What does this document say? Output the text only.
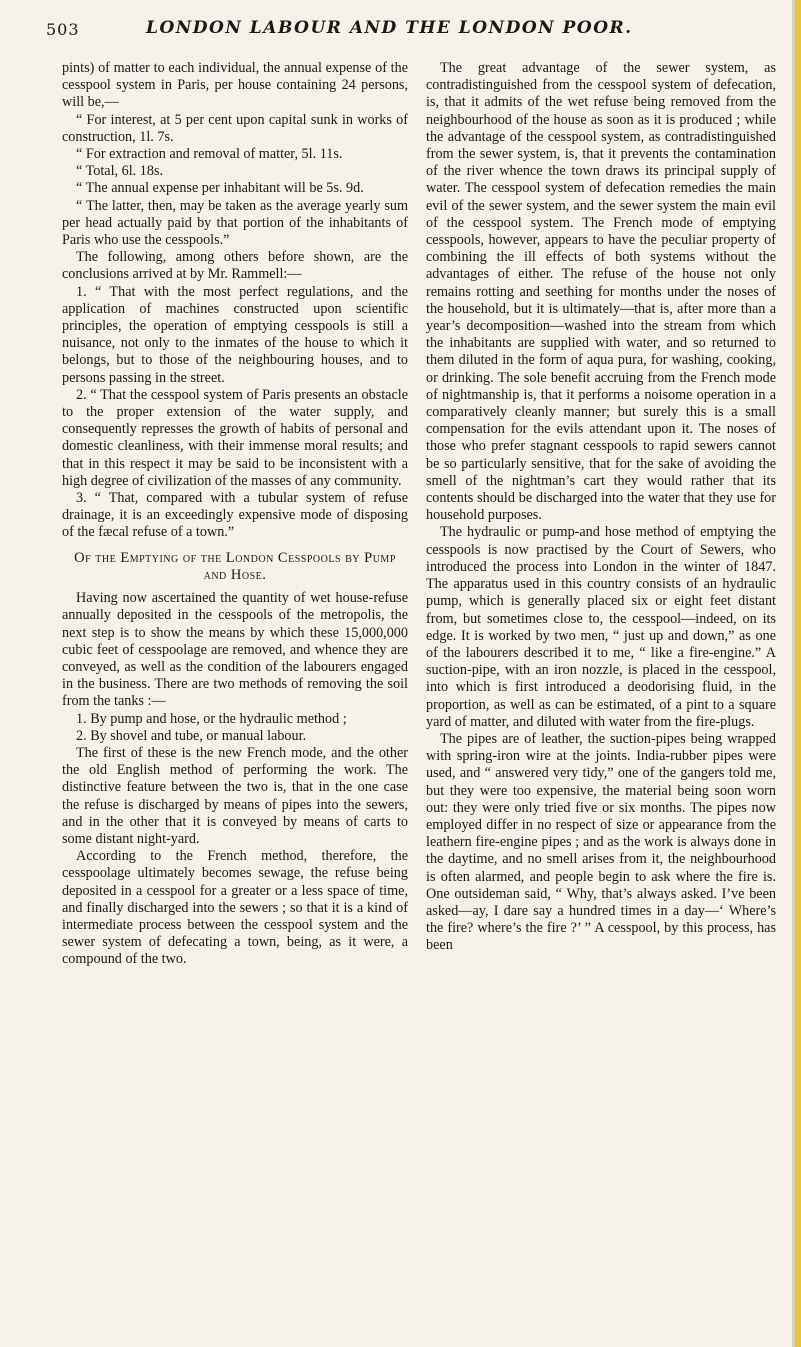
503	LONDON LABOUR AND THE LONDON POOR.

pints) of matter to each individual, the annual expense of the cesspool system in Paris, per house containing 24 persons, will be,—

“ For interest, at 5 per cent upon capital sunk in works of construction, 1l. 7s.

“ For extraction and removal of matter, 5l. 11s.

“ Total, 6l. 18s.

“ The annual expense per inhabitant will be 5s. 9d.

“ The latter, then, may be taken as the average yearly sum per head actually paid by that portion of the inhabitants of Paris who use the cesspools.”

The following, among others before shown, are the conclusions arrived at by Mr. Rammell:—

1. “ That with the most perfect regulations, and the application of machines constructed upon scientific principles, the operation of emptying cesspools is still a nuisance, not only to the inmates of the house to which it belongs, but to those of the neighbouring houses, and to persons passing in the street.

2. “ That the cesspool system of Paris presents an obstacle to the proper extension of the water supply, and consequently represses the growth of habits of personal and domestic cleanliness, with their immense moral results; and that in this respect it may be said to be inconsistent with a high degree of civilization of the masses of any community.

3. “ That, compared with a tubular system of refuse drainage, it is an exceedingly expensive mode of disposing of the fæcal refuse of a town.”

Of the Emptying of the London Cesspools by Pump and Hose.

Having now ascertained the quantity of wet house-refuse annually deposited in the cesspools of the metropolis, the next step is to show the means by which these 15,000,000 cubic feet of cesspoolage are removed, and whence they are conveyed, as well as the condition of the labourers engaged in the business. There are two methods of removing the soil from the tanks :—

1. By pump and hose, or the hydraulic method ;

2. By shovel and tube, or manual labour.

The first of these is the new French mode, and the other the old English method of performing the work. The distinctive feature between the two is, that in the one case the refuse is discharged by means of pipes into the sewers, and in the other that it is conveyed by means of carts to some distant night-yard.

According to the French method, therefore, the cesspoolage ultimately becomes sewage, the refuse being deposited in a cesspool for a greater or a less space of time, and finally discharged into the sewers ; so that it is a kind of intermediate process between the cesspool system and the sewer system of defecating a town, being, as it were, a compound of the two.

The great advantage of the sewer system, as contradistinguished from the cesspool system of defecation, is, that it admits of the wet refuse being removed from the neighbourhood of the house as soon as it is produced ; while the advantage of the cesspool system, as contradistinguished from the sewer system, is, that it prevents the contamination of the river whence the town draws its principal supply of water. The cesspool system of defecation remedies the main evil of the sewer system, and the sewer system the main evil of the cesspool system. The French mode of emptying cesspools, however, appears to have the peculiar property of combining the ill effects of both systems without the advantages of either. The refuse of the house not only remains rotting and seething for months under the noses of the household, but it is ultimately—that is, after more than a year’s decomposition—washed into the stream from which the inhabitants are supplied with water, and so returned to them diluted in the form of aqua pura, for washing, cooking, or drinking. The sole benefit accruing from the French mode of nightmanship is, that it performs a noisome operation in a comparatively cleanly manner; but surely this is a small compensation for the evils attendant upon it. The noses of those who prefer stagnant cesspools to rapid sewers cannot be so particularly sensitive, that for the sake of avoiding the smell of the nightman’s cart they would rather that its contents should be discharged into the water that they use for household purposes.

The hydraulic or pump-and hose method of emptying the cesspools is now practised by the Court of Sewers, who introduced the process into London in the winter of 1847. The apparatus used in this country consists of an hydraulic pump, which is generally placed six or eight feet distant from, but sometimes close to, the cesspool—indeed, on its edge. It is worked by two men, “ just up and down,” as one of the labourers described it to me, “ like a fire-engine.” A suction-pipe, with an iron nozzle, is placed in the cesspool, into which is first introduced a deodorising fluid, in the proportion, as well as can be estimated, of a pint to a square yard of matter, and diluted with water from the fire-plugs.

The pipes are of leather, the suction-pipes being wrapped with spring-iron wire at the joints. India-rubber pipes were used, and “ answered very tidy,” one of the gangers told me, but they were too expensive, the material being soon worn out: they were only tried five or six months. The pipes now employed differ in no respect of size or appearance from the leathern fire-engine pipes ; and as the work is always done in the daytime, and no smell arises from it, the neighbourhood is often alarmed, and people begin to ask where the fire is. One outsideman said, “ Why, that’s always asked. I’ve been asked—ay, I dare say a hundred times in a day—‘ Where’s the fire? where’s the fire ?’ ” A cesspool, by this process, has been
